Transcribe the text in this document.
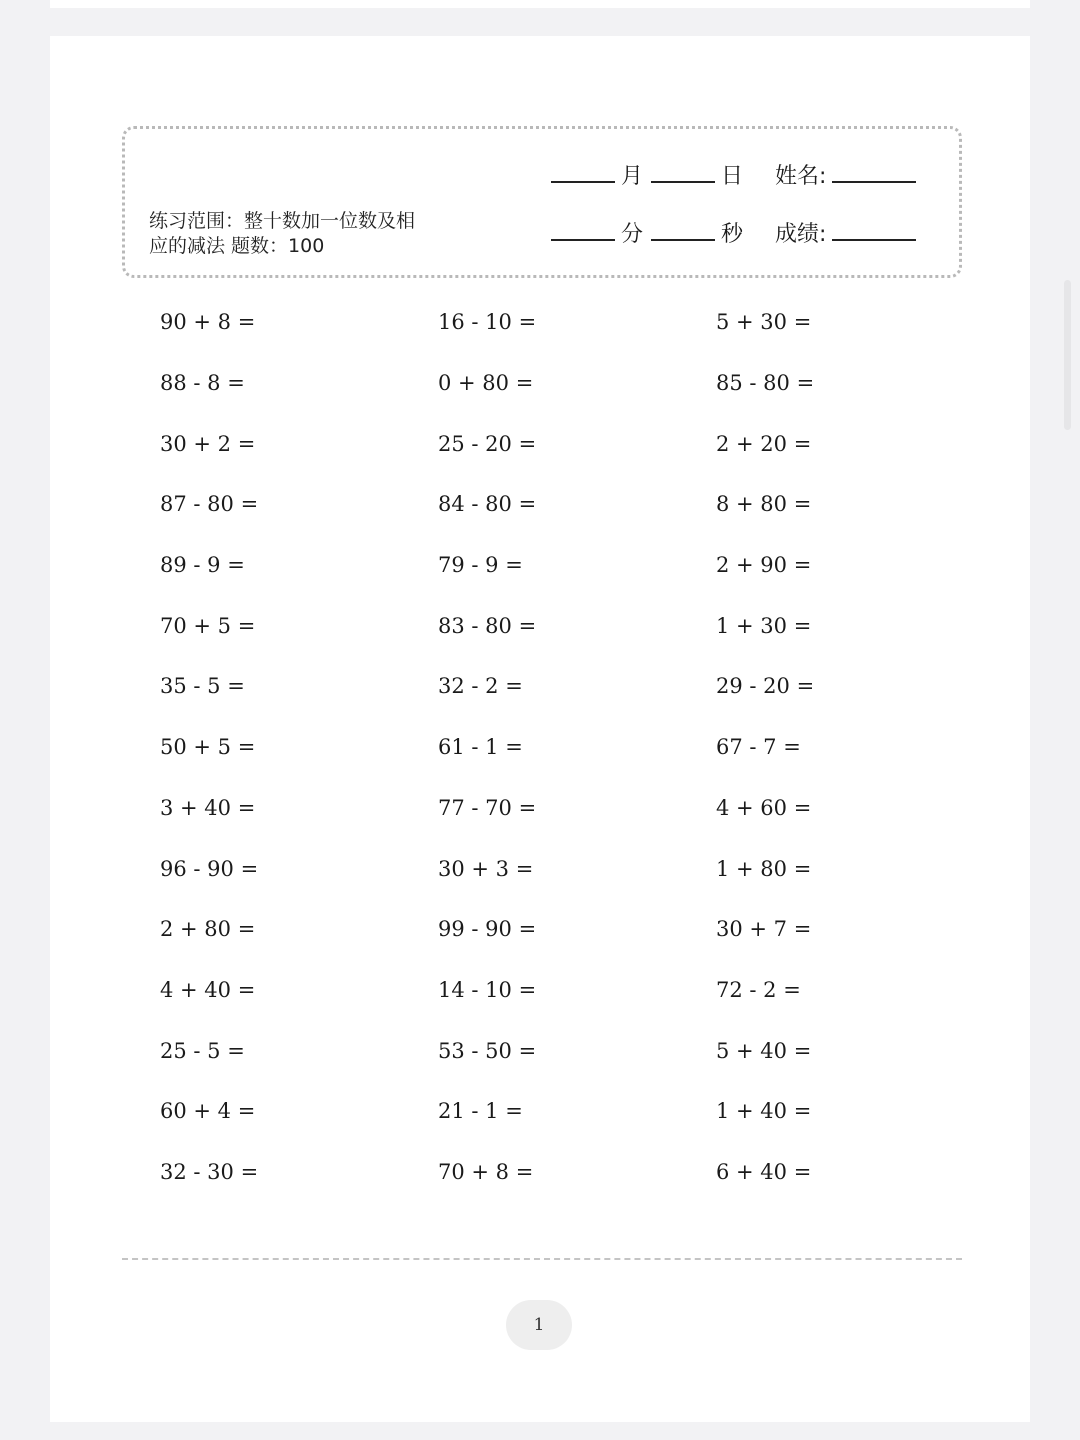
练习范围：整十数加一位数及相
应的减法 题数：100
月	日 姓名:
分	秒 成绩:
90 + 8 =	16 - 10 =	5 + 30 =
88 - 8 =	0 + 80 =	85 - 80 =
30 + 2 =	25 - 20 =	2 + 20 =
87 - 80 =	84 - 80 =	8 + 80 =
89 - 9 =	79 - 9 =	2 + 90 =
70 + 5 =	83 - 80 =	1 + 30 =
35 - 5 =	32 - 2 =	29 - 20 =
50 + 5 =	61 - 1 =	67 - 7 =
3 + 40 =	77 - 70 =	4 + 60 =
96 - 90 =	30 + 3 =	1 + 80 =
2 + 80 =	99 - 90 =	30 + 7 =
4 + 40 =	14 - 10 =	72 - 2 =
25 - 5 =	53 - 50 =	5 + 40 =
60 + 4 =	21 - 1 =	1 + 40 =
32 - 30 =	70 + 8 =	6 + 40 =
1
